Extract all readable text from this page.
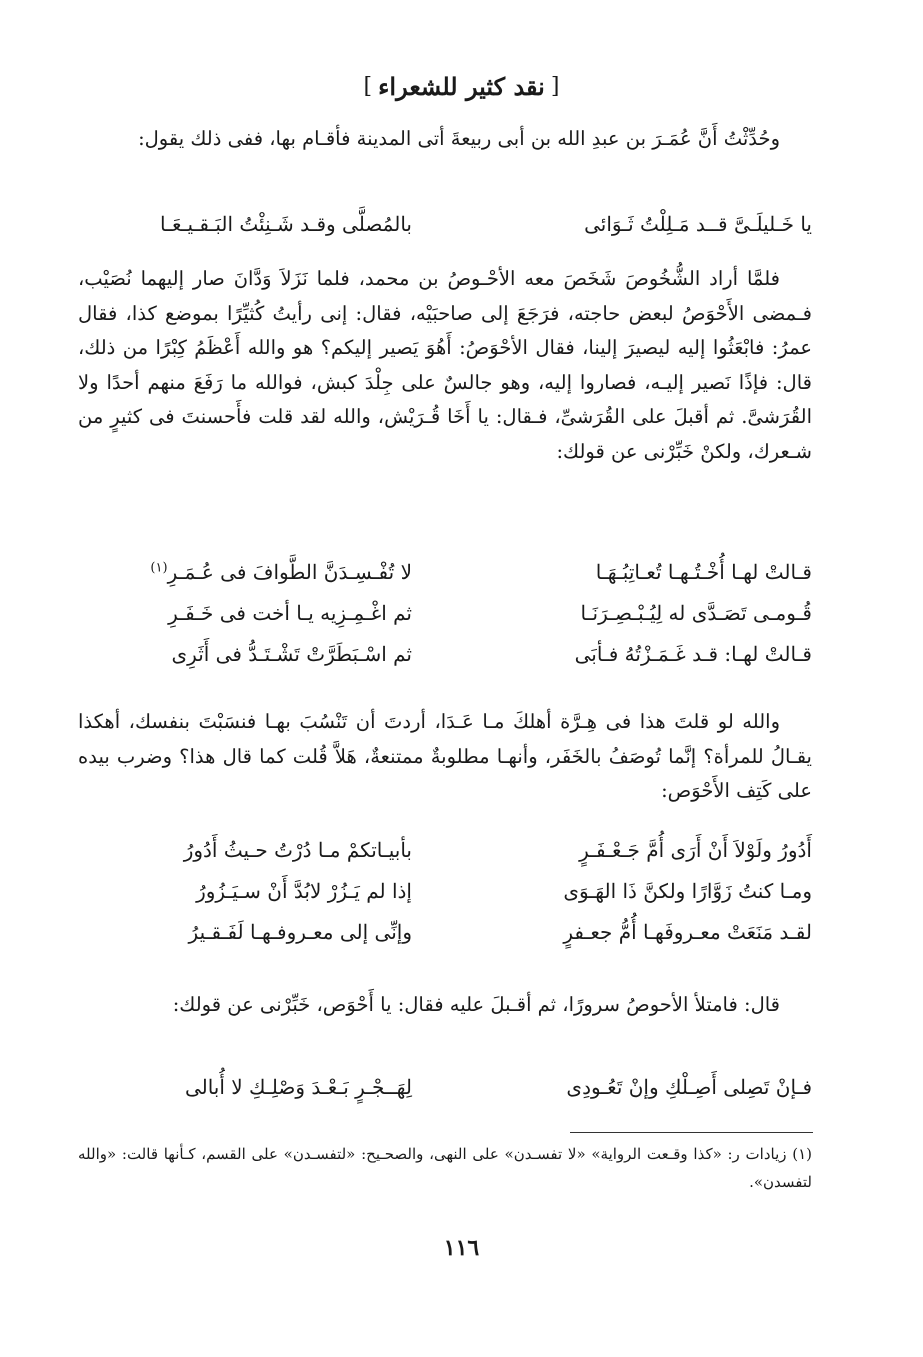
[
نقد كثير للشعراء
]

وحُدِّثْتُ أَنَّ عُمَـرَ بن عبدِ الله بن أبى ربيعةَ أتى المدينة فأقـام بها، ففى ذلك يقول:

يا خَـليلَـىَّ قــد مَـلِلْتُ ثَـوَائى
بالمُصلَّى وقـد شَـنِئْتُ البَـقـيـعَـا

فلمَّا أراد الشُّخُوصَ شَخَصَ معه الأحْـوصُ بن محمد، فلما نَزَلاَ وَدَّانَ صار إليهما نُصَيْب، فـمضى الأَحْوَصُ لبعض حاجته، فرَجَعَ إلى صاحبَيْه، فقال: إنى رأيتُ كُثيِّرًا بموضع كذا، فقال عمرُ: فابْعَثُوا إليه ليصيرَ إلينا، فقال الأحْوَصُ: أَهُوَ يَصير إليكم؟ هو والله أَعْظَمُ كِبْرًا من ذلك، قال: فإذًا نَصير إليـه، فصاروا إليه، وهو جالسٌ على جِلْدَ كبش، فوالله ما رَفَعَ منهم أحدًا ولا القُرَشىَّ. ثم أقبلَ على القُرَشىِّ، فـقال: يا أَخَا قُـرَيْش، والله لقد قلت فأَحسنتَ فى كثيرٍ من شـعرك، ولكنْ خَبِّرْنى عن قولك:

قـالتْ لهـا أُخْـتُـهـا تُعـاتِبُـهَـا
لا تُفْـسِـدَنَّ الطَّوافَ فى عُـمَـرِ$^{(١)}$
قُـومـى تَصَـدَّى له لِيُـبْـصِـرَنَـا
ثم اغْـمِـزِيه يـا أخت فى خَـفَـرِ
قـالتْ لهـا: قـد غَـمَـزْتُهُ فـأبَى
ثم اسْـبَطَرَّتْ تَشْـتَـدُّ فى أَثَرِى

والله لو قلتَ هذا فى هِـرَّة أهلكَ مـا عَـدَا، أردتَ أن تَنْسُبَ بهـا فنسَبْتَ بنفسك، أهكذا يقـالُ للمرأة؟ إنَّما تُوصَفُ بالخَفَر، وأنهـا مطلوبةٌ ممتنعةٌ، هَلاَّ قُلت كما قال هذا؟ وضرب بيده على كَتِف الأَحْوَص:

أَدُورُ ولَوْلاَ أَنْ أَرَى أُمَّ جَـعْـفَـرٍ
بأبيـاتكمْ مـا دُرْتُ حـيثُ أَدُورُ
ومـا كنتُ زَوَّارًا ولكنَّ ذَا الهَـوَى
إذا لم يَـزُرْ لابُدَّ أَنْ سـيَـزُورُ
لقـد مَنَعَتْ معـروفَهـا أُمُّ جعـفرٍ
وإنِّى إلى معـروفـهـا لَفَـقـيرُ

قال: فامتلأ الأحوصُ سرورًا، ثم أقـبلَ عليه فقال: يا أَحْوَص، خَبِّرْنى عن قولك:

فـإنْ تَصِلى أَصِـلْكِ وإنْ تَعُـودِى
لِهَــجْـرٍ بَـعْـدَ وَصْلِـكِ لا أُبالى

(١) زيادات ر: «كذا وقـعت الرواية» «لا تفسـدن» على النهى، والصحـيح: «لتفسـدن» على القسم، كـأنها قالت: «والله لتفسدن».

١١٦
